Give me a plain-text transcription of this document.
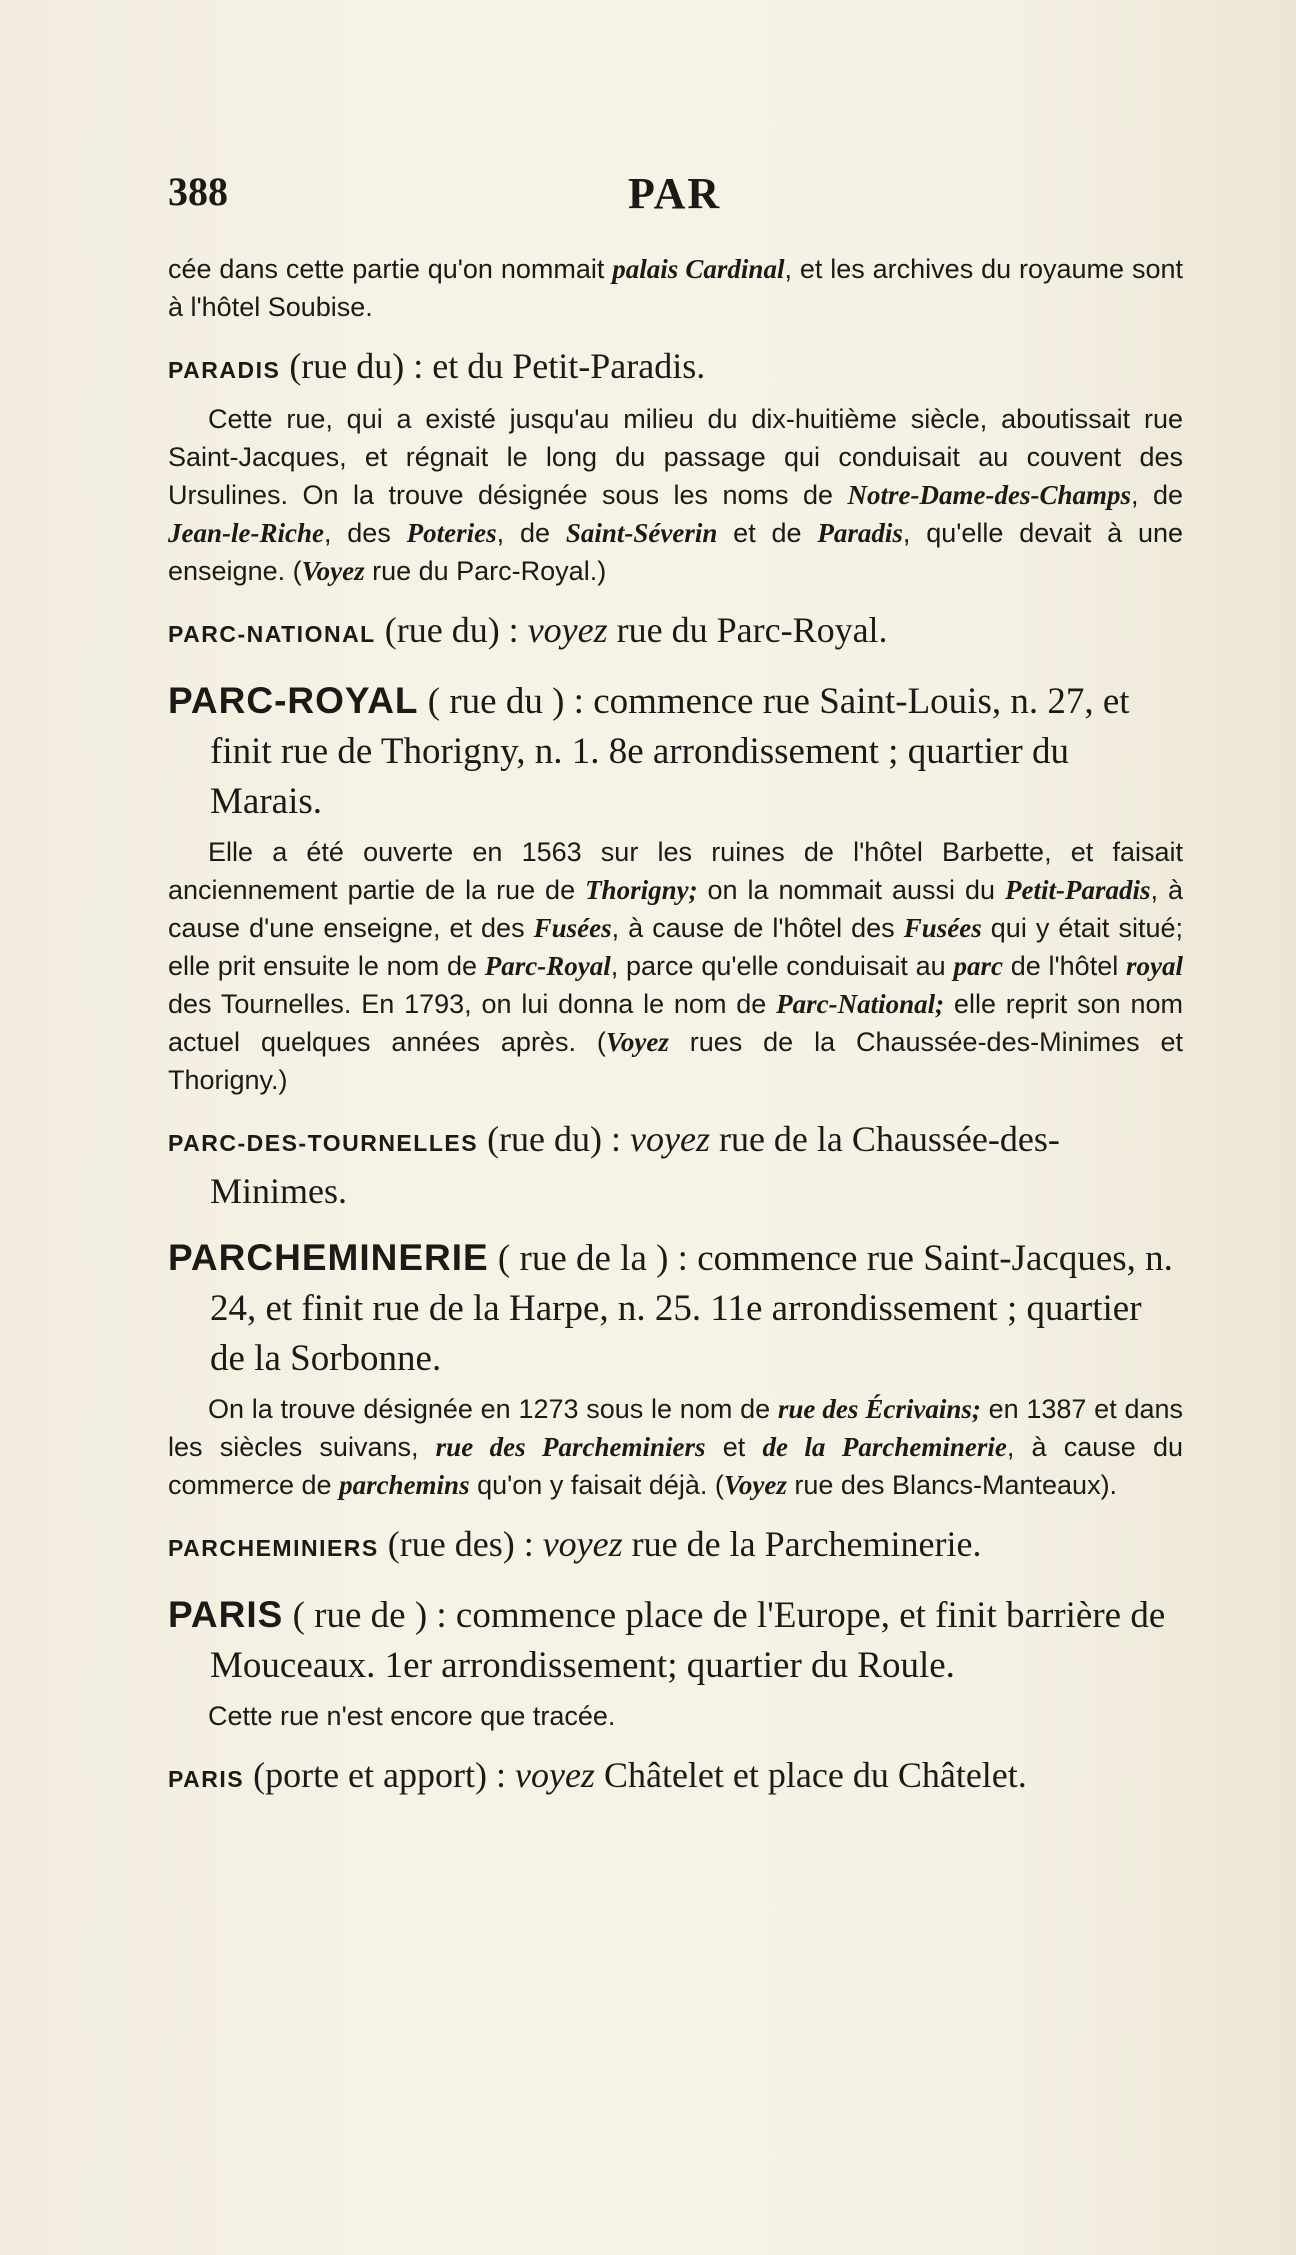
388	PAR

cée dans cette partie qu'on nommait palais Cardinal, et les archives du royaume sont à l'hôtel Soubise.

PARADIS (rue du) : et du Petit-Paradis.

Cette rue, qui a existé jusqu'au milieu du dix-huitième siècle, aboutissait rue Saint-Jacques, et régnait le long du passage qui conduisait au couvent des Ursulines. On la trouve désignée sous les noms de Notre-Dame-des-Champs, de Jean-le-Riche, des Poteries, de Saint-Séverin et de Paradis, qu'elle devait à une enseigne. (Voyez rue du Parc-Royal.)

PARC-NATIONAL (rue du) : voyez rue du Parc-Royal.

PARC-ROYAL ( rue du ) : commence rue Saint-Louis, n. 27, et finit rue de Thorigny, n. 1. 8e arrondissement ; quartier du Marais.

Elle a été ouverte en 1563 sur les ruines de l'hôtel Barbette, et faisait anciennement partie de la rue de Thorigny; on la nommait aussi du Petit-Paradis, à cause d'une enseigne, et des Fusées, à cause de l'hôtel des Fusées qui y était situé; elle prit ensuite le nom de Parc-Royal, parce qu'elle conduisait au parc de l'hôtel royal des Tournelles. En 1793, on lui donna le nom de Parc-National; elle reprit son nom actuel quelques années après. (Voyez rues de la Chaussée-des-Minimes et Thorigny.)

PARC-DES-TOURNELLES (rue du) : voyez rue de la Chaussée-des-Minimes.

PARCHEMINERIE ( rue de la ) : commence rue Saint-Jacques, n. 24, et finit rue de la Harpe, n. 25. 11e arrondissement ; quartier de la Sorbonne.

On la trouve désignée en 1273 sous le nom de rue des Écrivains; en 1387 et dans les siècles suivans, rue des Parcheminiers et de la Parcheminerie, à cause du commerce de parchemins qu'on y faisait déjà. (Voyez rue des Blancs-Manteaux).

PARCHEMINIERS (rue des) : voyez rue de la Parcheminerie.

PARIS ( rue de ) : commence place de l'Europe, et finit barrière de Mouceaux. 1er arrondissement; quartier du Roule.

Cette rue n'est encore que tracée.

PARIS (porte et apport) : voyez Châtelet et place du Châtelet.
